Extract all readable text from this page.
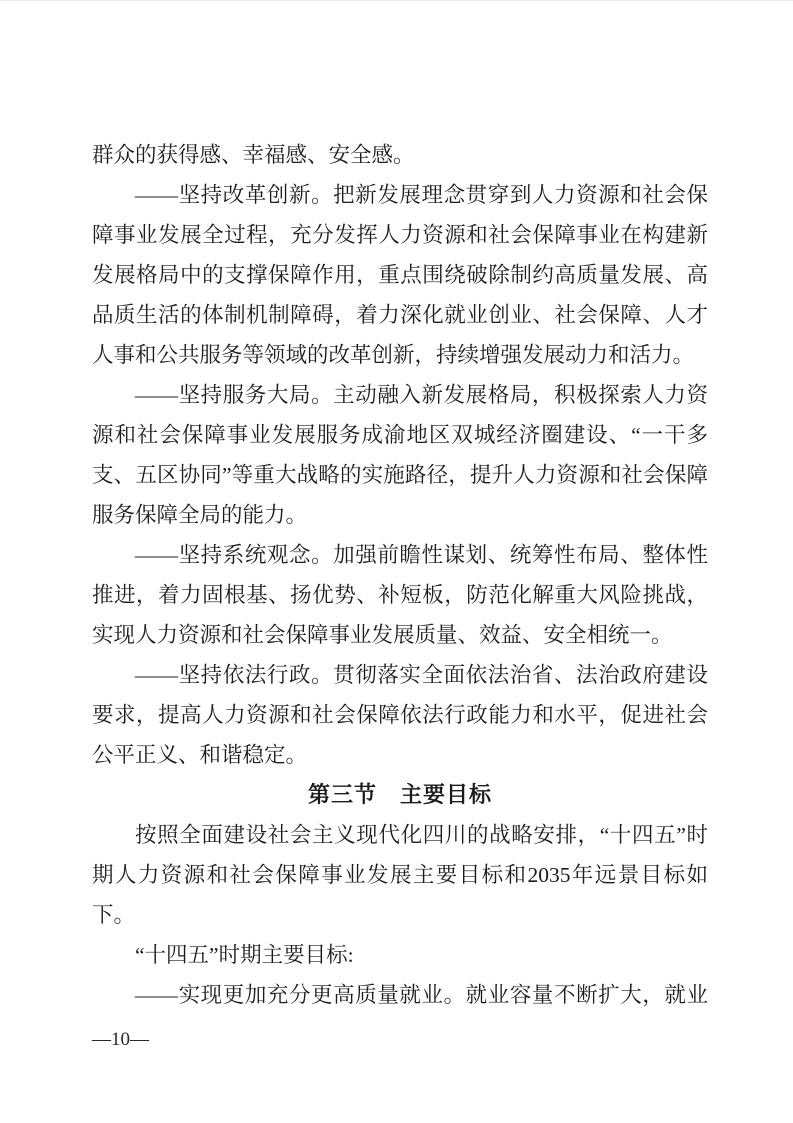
群众的获得感、幸福感、安全感。
——坚持改革创新。把新发展理念贯穿到人力资源和社会保
障事业发展全过程，充分发挥人力资源和社会保障事业在构建新
发展格局中的支撑保障作用，重点围绕破除制约高质量发展、高
品质生活的体制机制障碍，着力深化就业创业、社会保障、人才
人事和公共服务等领域的改革创新，持续增强发展动力和活力。
——坚持服务大局。主动融入新发展格局，积极探索人力资
源和社会保障事业发展服务成渝地区双城经济圈建设、“一干多
支、五区协同”等重大战略的实施路径，提升人力资源和社会保障
服务保障全局的能力。
——坚持系统观念。加强前瞻性谋划、统筹性布局、整体性
推进，着力固根基、扬优势、补短板，防范化解重大风险挑战，
实现人力资源和社会保障事业发展质量、效益、安全相统一。
——坚持依法行政。贯彻落实全面依法治省、法治政府建设
要求，提高人力资源和社会保障依法行政能力和水平，促进社会
公平正义、和谐稳定。
第三节　主要目标
按照全面建设社会主义现代化四川的战略安排，“十四五”时
期人力资源和社会保障事业发展主要目标和2035年远景目标如
下。
“十四五”时期主要目标:
——实现更加充分更高质量就业。就业容量不断扩大，就业
—10—
